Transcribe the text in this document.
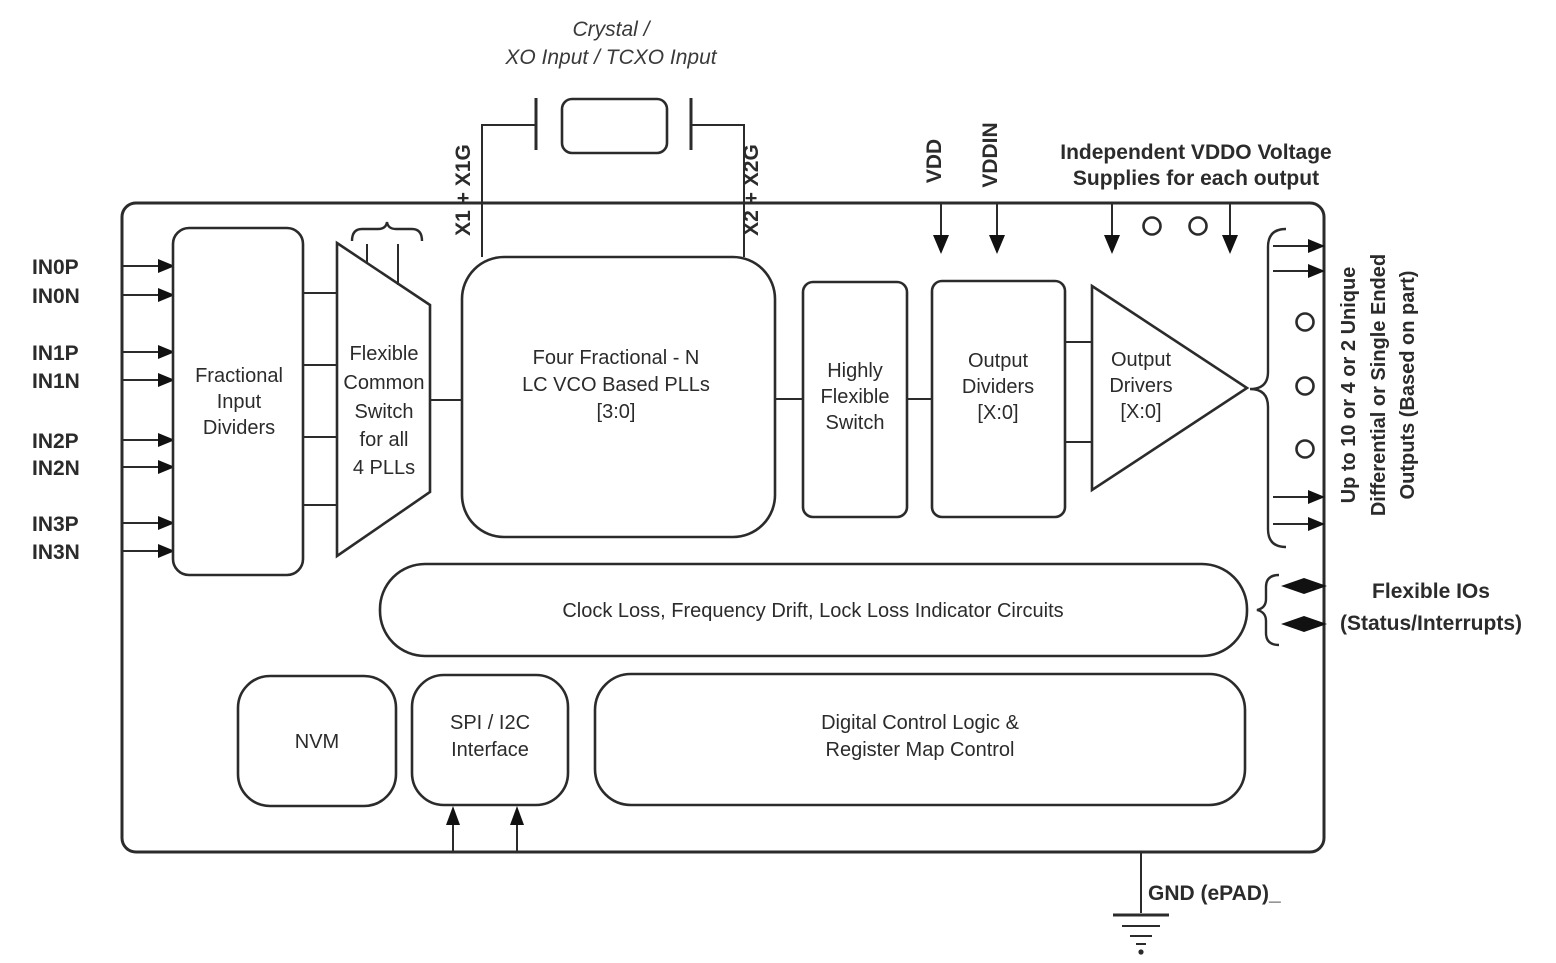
Crystal /
XO Input / TCXO Input
X1 + X1G	X2 + X2G	VDD VDDIN	Independent VDDO Voltage
Supplies for each output
IN0P
IN0N
IN1P
IN1N
IN2P
IN2N
IN3P
IN3N
Fractional
Input
Dividers
Flexible
Common
Switch
for all
4 PLLs
Four Fractional - N
LC VCO Based PLLs
[3:0]
Highly
Flexible
Switch
Output
Dividers
[X:0]
Output
Drivers
[X:0]	Up to 10 or 4 or 2 Unique Differential or Single Ended Outputs (Based on part)
Clock Loss, Frequency Drift, Lock Loss Indicator Circuits
Flexible IOs
(Status/Interrupts)
NVM
SPI / I2C
Interface
Digital Control Logic &
Register Map Control
GND (ePAD)_
